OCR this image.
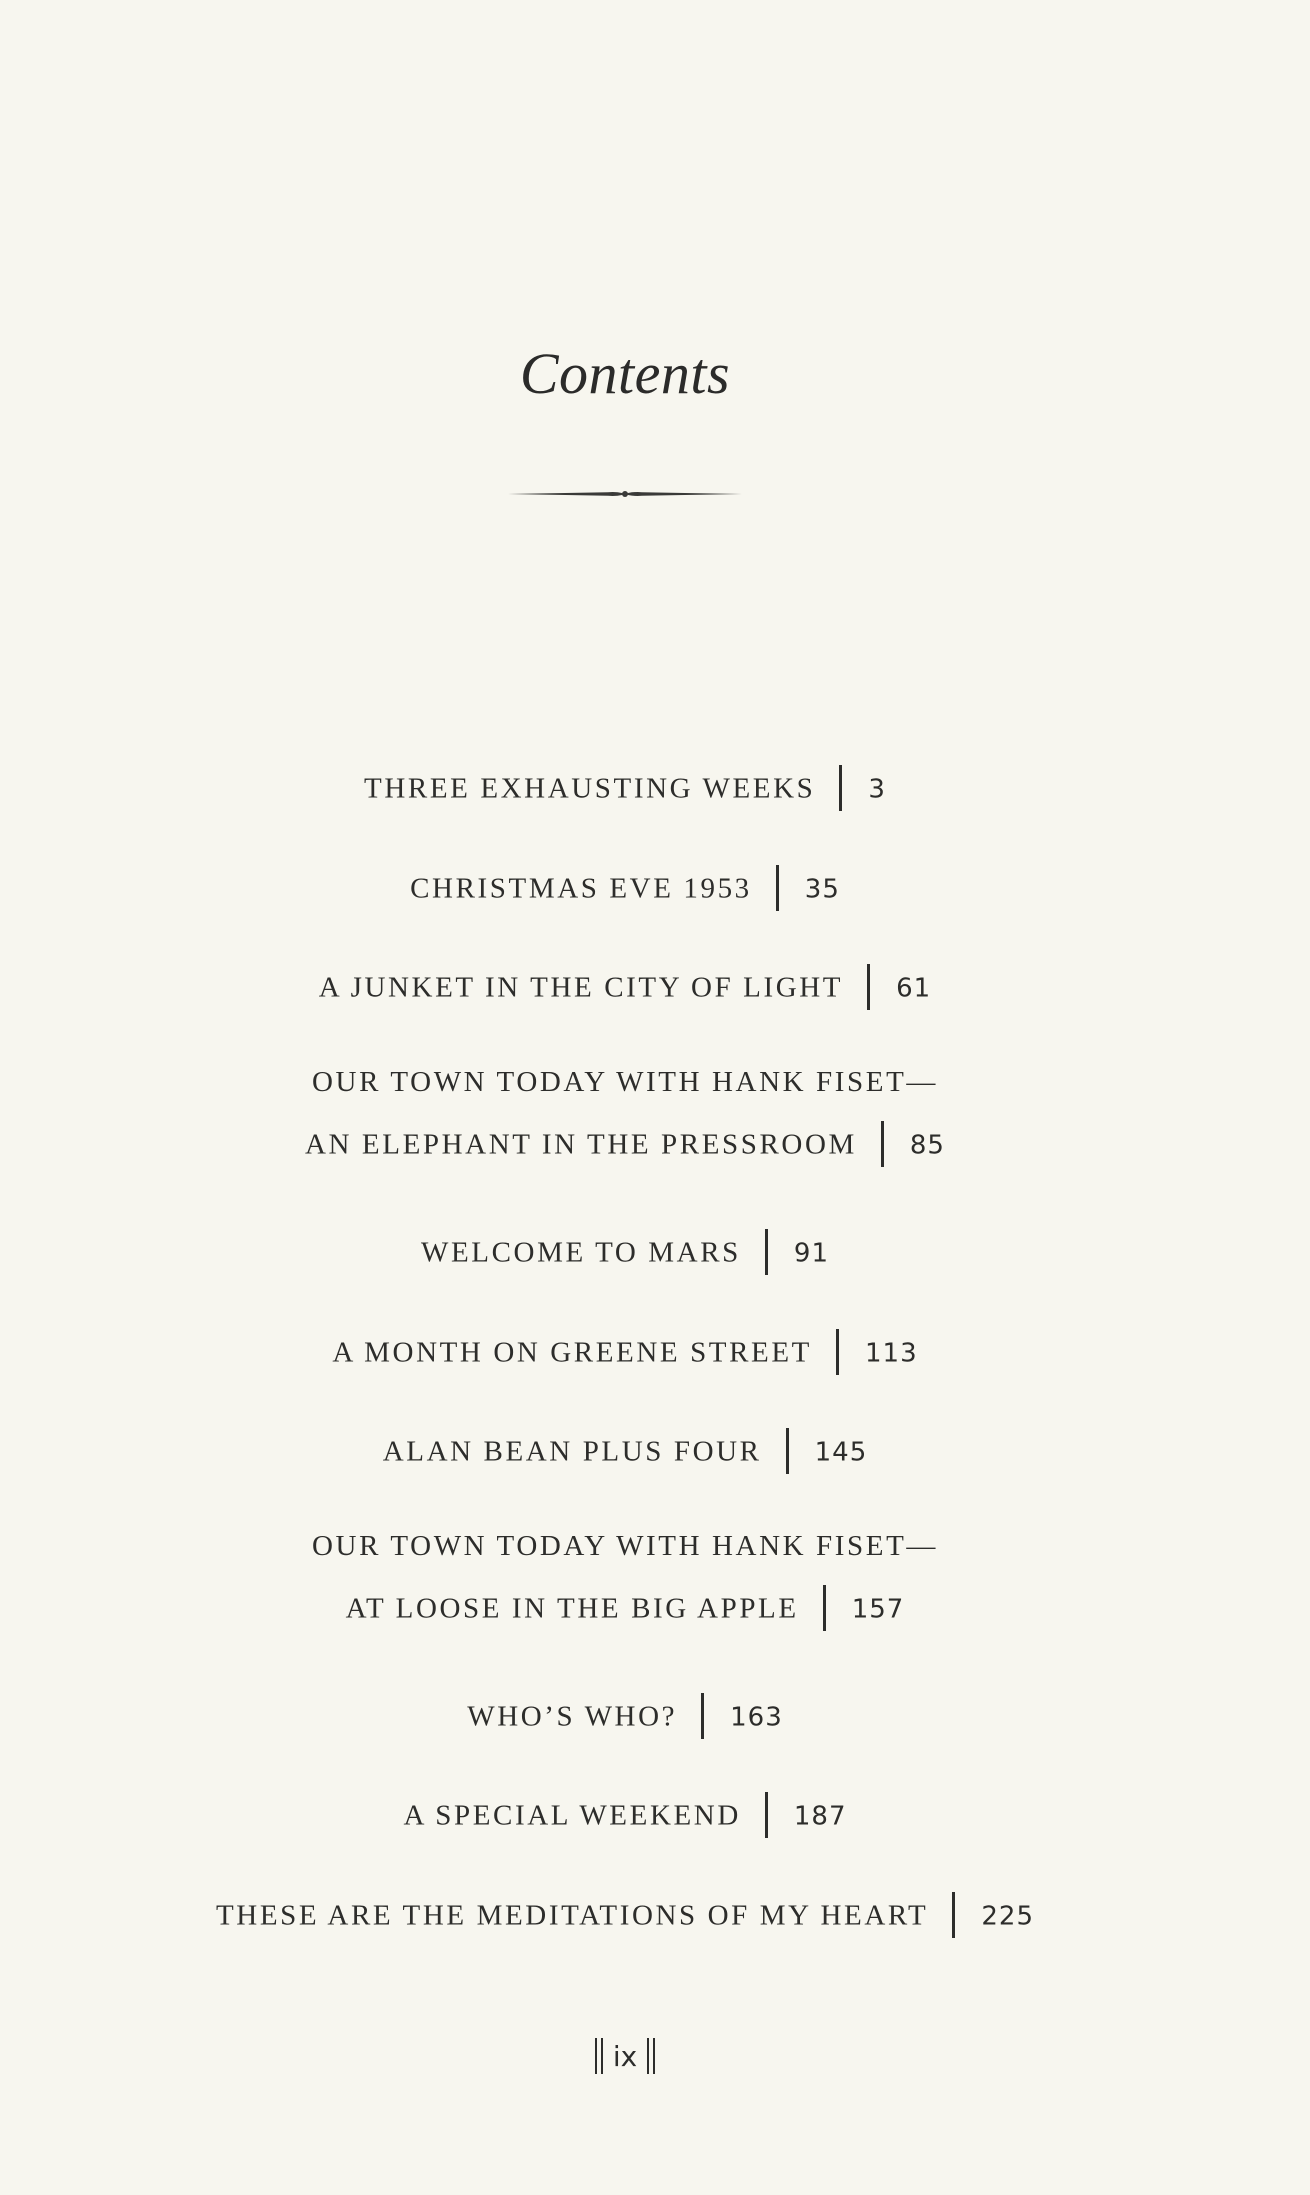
Contents
THREE EXHAUSTING WEEKS 3
CHRISTMAS EVE 1953 35
A JUNKET IN THE CITY OF LIGHT 61
OUR TOWN TODAY WITH HANK FISET—
AN ELEPHANT IN THE PRESSROOM 85
WELCOME TO MARS 91
A MONTH ON GREENE STREET 113
ALAN BEAN PLUS FOUR 145
OUR TOWN TODAY WITH HANK FISET—
AT LOOSE IN THE BIG APPLE 157
WHO’S WHO? 163
A SPECIAL WEEKEND 187
THESE ARE THE MEDITATIONS OF MY HEART 225
ix
